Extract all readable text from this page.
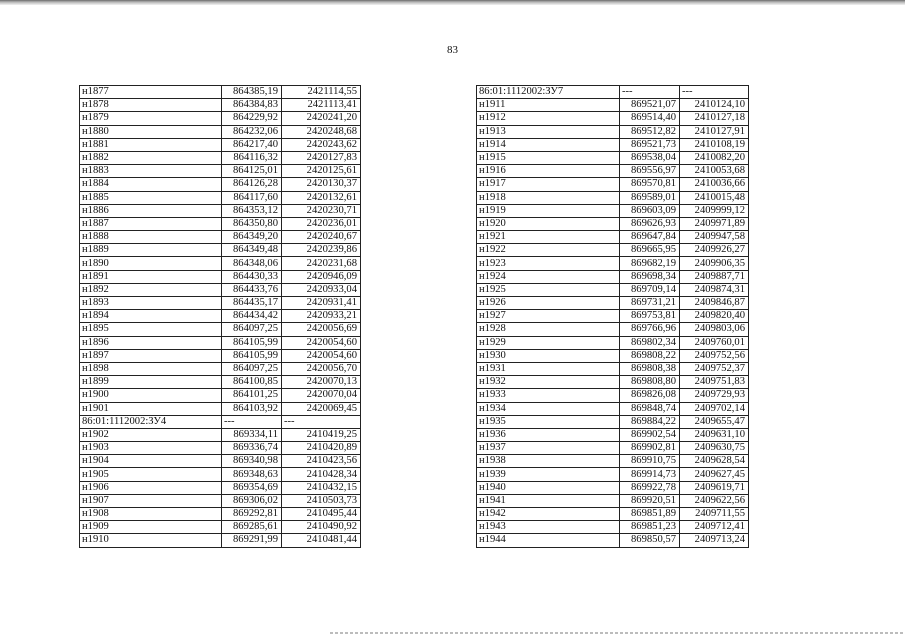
83
н1877	864385,19	2421114,55
н1878	864384,83	2421113,41
н1879	864229,92	2420241,20
н1880	864232,06	2420248,68
н1881	864217,40	2420243,62
н1882	864116,32	2420127,83
н1883	864125,01	2420125,61
н1884	864126,28	2420130,37
н1885	864117,60	2420132,61
н1886	864353,12	2420230,71
н1887	864350,80	2420236,01
н1888	864349,20	2420240,67
н1889	864349,48	2420239,86
н1890	864348,06	2420231,68
н1891	864430,33	2420946,09
н1892	864433,76	2420933,04
н1893	864435,17	2420931,41
н1894	864434,42	2420933,21
н1895	864097,25	2420056,69
н1896	864105,99	2420054,60
н1897	864105,99	2420054,60
н1898	864097,25	2420056,70
н1899	864100,85	2420070,13
н1900	864101,25	2420070,04
н1901	864103,92	2420069,45
86:01:1112002:ЗУ4	---	---
н1902	869334,11	2410419,25
н1903	869336,74	2410420,89
н1904	869340,98	2410423,56
н1905	869348,63	2410428,34
н1906	869354,69	2410432,15
н1907	869306,02	2410503,73
н1908	869292,81	2410495,44
н1909	869285,61	2410490,92
н1910	869291,99	2410481,44
86:01:1112002:ЗУ7	---	---
н1911	869521,07	2410124,10
н1912	869514,40	2410127,18
н1913	869512,82	2410127,91
н1914	869521,73	2410108,19
н1915	869538,04	2410082,20
н1916	869556,97	2410053,68
н1917	869570,81	2410036,66
н1918	869589,01	2410015,48
н1919	869603,09	2409999,12
н1920	869626,93	2409971,89
н1921	869647,84	2409947,58
н1922	869665,95	2409926,27
н1923	869682,19	2409906,35
н1924	869698,34	2409887,71
н1925	869709,14	2409874,31
н1926	869731,21	2409846,87
н1927	869753,81	2409820,40
н1928	869766,96	2409803,06
н1929	869802,34	2409760,01
н1930	869808,22	2409752,56
н1931	869808,38	2409752,37
н1932	869808,80	2409751,83
н1933	869826,08	2409729,93
н1934	869848,74	2409702,14
н1935	869884,22	2409655,47
н1936	869902,54	2409631,10
н1937	869902,81	2409630,75
н1938	869910,75	2409628,54
н1939	869914,73	2409627,45
н1940	869922,78	2409619,71
н1941	869920,51	2409622,56
н1942	869851,89	2409711,55
н1943	869851,23	2409712,41
н1944	869850,57	2409713,24
